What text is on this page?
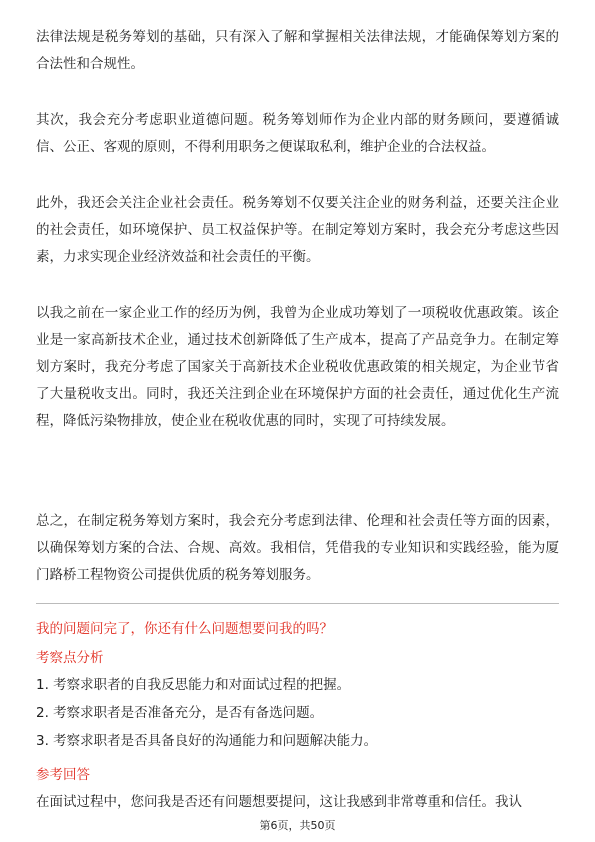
法律法规是税务筹划的基础，只有深入了解和掌握相关法律法规，才能确保筹划方案的合法性和合规性。

其次，我会充分考虑职业道德问题。税务筹划师作为企业内部的财务顾问，要遵循诚信、公正、客观的原则，不得利用职务之便谋取私利，维护企业的合法权益。

此外，我还会关注企业社会责任。税务筹划不仅要关注企业的财务利益，还要关注企业的社会责任，如环境保护、员工权益保护等。在制定筹划方案时，我会充分考虑这些因素，力求实现企业经济效益和社会责任的平衡。

以我之前在一家企业工作的经历为例，我曾为企业成功筹划了一项税收优惠政策。该企业是一家高新技术企业，通过技术创新降低了生产成本，提高了产品竞争力。在制定筹划方案时，我充分考虑了国家关于高新技术企业税收优惠政策的相关规定，为企业节省了大量税收支出。同时，我还关注到企业在环境保护方面的社会责任，通过优化生产流程，降低污染物排放，使企业在税收优惠的同时，实现了可持续发展。

总之，在制定税务筹划方案时，我会充分考虑到法律、伦理和社会责任等方面的因素，以确保筹划方案的合法、合规、高效。我相信，凭借我的专业知识和实践经验，能为厦门路桥工程物资公司提供优质的税务筹划服务。

我的问题问完了，你还有什么问题想要问我的吗？

考察点分析

1. 考察求职者的自我反思能力和对面试过程的把握。

2. 考察求职者是否准备充分，是否有备选问题。

3. 考察求职者是否具备良好的沟通能力和问题解决能力。

参考回答

在面试过程中，您问我是否还有问题想要提问，这让我感到非常尊重和信任。我认

第6页，共50页
